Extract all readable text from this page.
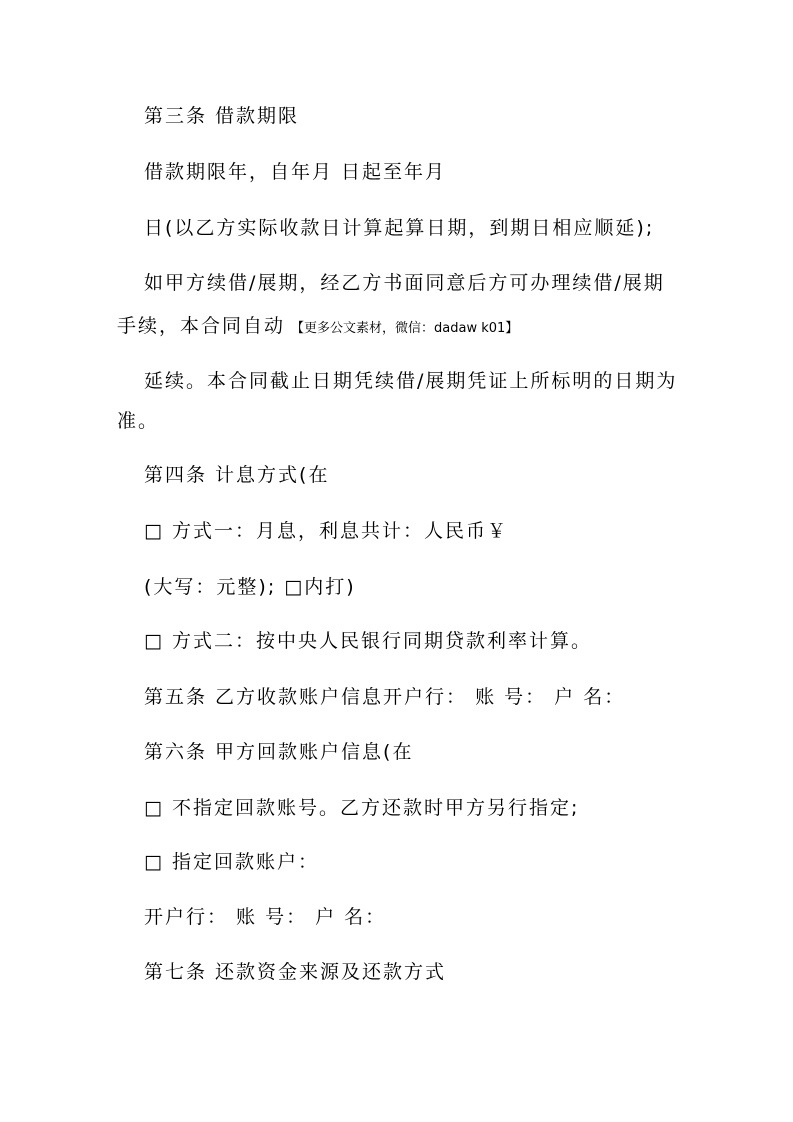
第三条 借款期限
借款期限年，自年月 日起至年月
日(以乙方实际收款日计算起算日期，到期日相应顺延);
如甲方续借/展期，经乙方书面同意后方可办理续借/展期
手续，本合同自动 【更多公文素材，微信：dadaw k01】
延续。本合同截止日期凭续借/展期凭证上所标明的日期为
准。
第四条 计息方式(在
□ 方式一：月息，利息共计：人民币￥
(大写：元整); □内打)
□ 方式二：按中央人民银行同期贷款利率计算。
第五条 乙方收款账户信息开户行： 账 号： 户 名：
第六条 甲方回款账户信息(在
□ 不指定回款账号。乙方还款时甲方另行指定;
□ 指定回款账户：
开户行： 账 号： 户 名：
第七条 还款资金来源及还款方式
